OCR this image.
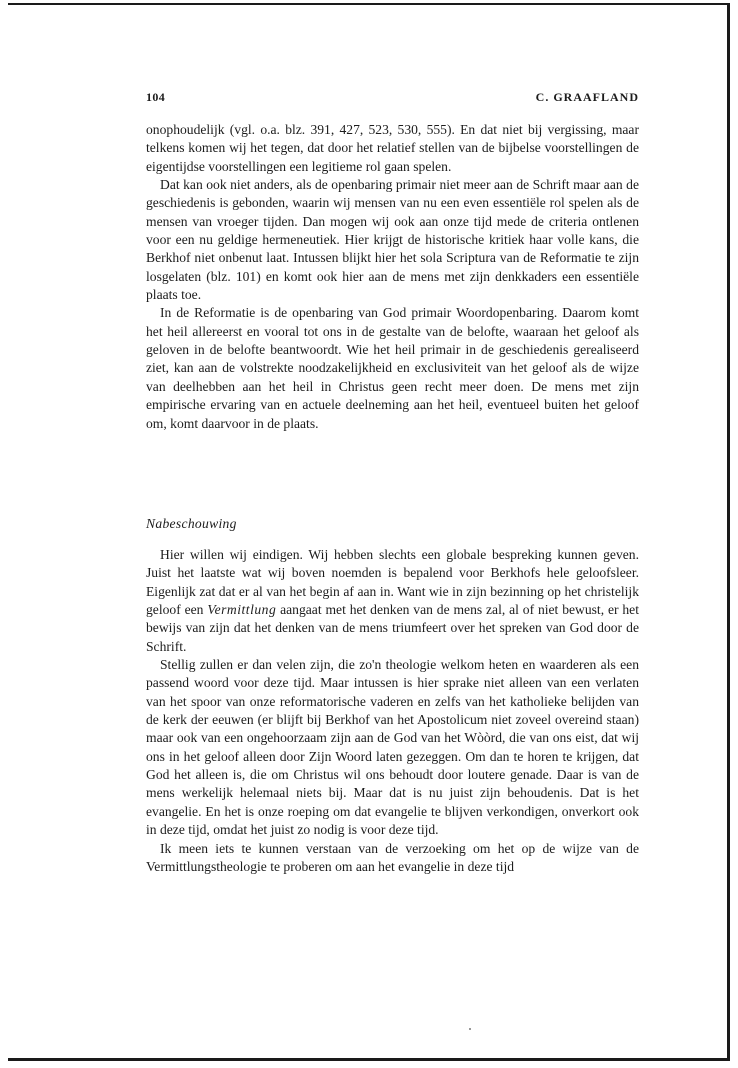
104	C. GRAAFLAND

onophoudelijk (vgl. o.a. blz. 391, 427, 523, 530, 555). En dat niet bij vergissing, maar telkens komen wij het tegen, dat door het relatief stellen van de bijbelse voorstellingen de eigentijdse voorstellingen een legitieme rol gaan spelen.

Dat kan ook niet anders, als de openbaring primair niet meer aan de Schrift maar aan de geschiedenis is gebonden, waarin wij mensen van nu een even essentiële rol spelen als de mensen van vroeger tijden. Dan mogen wij ook aan onze tijd mede de criteria ontlenen voor een nu geldige hermeneutiek. Hier krijgt de historische kritiek haar volle kans, die Berkhof niet onbenut laat. Intussen blijkt hier het sola Scriptura van de Reformatie te zijn losgelaten (blz. 101) en komt ook hier aan de mens met zijn denkkaders een essentiële plaats toe.

In de Reformatie is de openbaring van God primair Woordopenbaring. Daarom komt het heil allereerst en vooral tot ons in de gestalte van de belofte, waaraan het geloof als geloven in de belofte beantwoordt. Wie het heil primair in de geschiedenis gerealiseerd ziet, kan aan de volstrekte noodzakelijkheid en exclusiviteit van het geloof als de wijze van deelhebben aan het heil in Christus geen recht meer doen. De mens met zijn empirische ervaring van en actuele deelneming aan het heil, eventueel buiten het geloof om, komt daarvoor in de plaats.

Nabeschouwing

Hier willen wij eindigen. Wij hebben slechts een globale bespreking kunnen geven. Juist het laatste wat wij boven noemden is bepalend voor Berkhofs hele geloofsleer. Eigenlijk zat dat er al van het begin af aan in. Want wie in zijn bezinning op het christelijk geloof een Vermittlung aangaat met het denken van de mens zal, al of niet bewust, er het bewijs van zijn dat het denken van de mens triumfeert over het spreken van God door de Schrift.

Stellig zullen er dan velen zijn, die zo'n theologie welkom heten en waarderen als een passend woord voor deze tijd. Maar intussen is hier sprake niet alleen van een verlaten van het spoor van onze reformatorische vaderen en zelfs van het katholieke belijden van de kerk der eeuwen (er blijft bij Berkhof van het Apostolicum niet zoveel overeind staan) maar ook van een ongehoorzaam zijn aan de God van het Wòòrd, die van ons eist, dat wij ons in het geloof alleen door Zijn Woord laten gezeggen. Om dan te horen te krijgen, dat God het alleen is, die om Christus wil ons behoudt door loutere genade. Daar is van de mens werkelijk helemaal niets bij. Maar dat is nu juist zijn behoudenis. Dat is het evangelie. En het is onze roeping om dat evangelie te blijven verkondigen, onverkort ook in deze tijd, omdat het juist zo nodig is voor deze tijd.

Ik meen iets te kunnen verstaan van de verzoeking om het op de wijze van de Vermittlungstheologie te proberen om aan het evangelie in deze tijd
